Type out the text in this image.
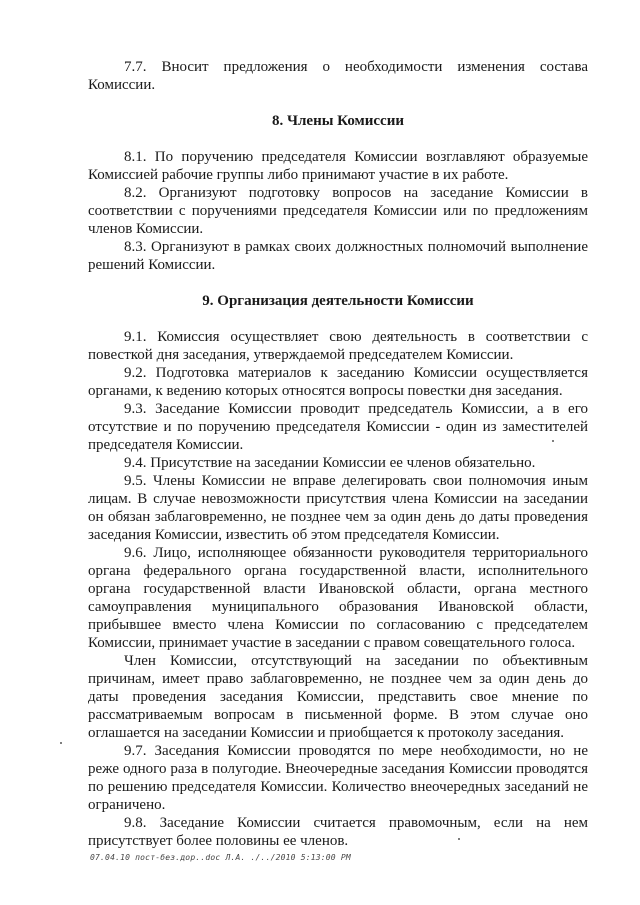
7.7. Вносит предложения о необходимости изменения состава Комиссии.

8. Члены Комиссии

8.1. По поручению председателя Комиссии возглавляют образуемые Комиссией рабочие группы либо принимают участие в их работе.

8.2. Организуют подготовку вопросов на заседание Комиссии в соответствии с поручениями председателя Комиссии или по предложениям членов Комиссии.

8.3. Организуют в рамках своих должностных полномочий выполнение решений Комиссии.

9. Организация деятельности Комиссии

9.1. Комиссия осуществляет свою деятельность в соответствии с повесткой дня заседания, утверждаемой председателем Комиссии.

9.2. Подготовка материалов к заседанию Комиссии осуществляется органами, к ведению которых относятся вопросы повестки дня заседания.

9.3. Заседание Комиссии проводит председатель Комиссии, а в его отсутствие и по поручению председателя Комиссии - один из заместителей председателя Комиссии.

9.4. Присутствие на заседании Комиссии ее членов обязательно.

9.5. Члены Комиссии не вправе делегировать свои полномочия иным лицам. В случае невозможности присутствия члена Комиссии на заседании он обязан заблаговременно, не позднее чем за один день до даты проведения заседания Комиссии, известить об этом председателя Комиссии.

9.6. Лицо, исполняющее обязанности руководителя территориального органа федерального органа государственной власти, исполнительного органа государственной власти Ивановской области, органа местного самоуправления муниципального образования Ивановской области, прибывшее вместо члена Комиссии по согласованию с председателем Комиссии, принимает участие в заседании с правом совещательного голоса.

Член Комиссии, отсутствующий на заседании по объективным причинам, имеет право заблаговременно, не позднее чем за один день до даты проведения заседания Комиссии, представить свое мнение по рассматриваемым вопросам в письменной форме. В этом случае оно оглашается на заседании Комиссии и приобщается к протоколу заседания.

9.7. Заседания Комиссии проводятся по мере необходимости, но не реже одного раза в полугодие. Внеочередные заседания Комиссии проводятся по решению председателя Комиссии. Количество внеочередных заседаний не ограничено.

9.8. Заседание Комиссии считается правомочным, если на нем присутствует более половины ее членов.

07.04.10 пост-без.дор..doc Л.А. ./../2010 5:13:00 PM
